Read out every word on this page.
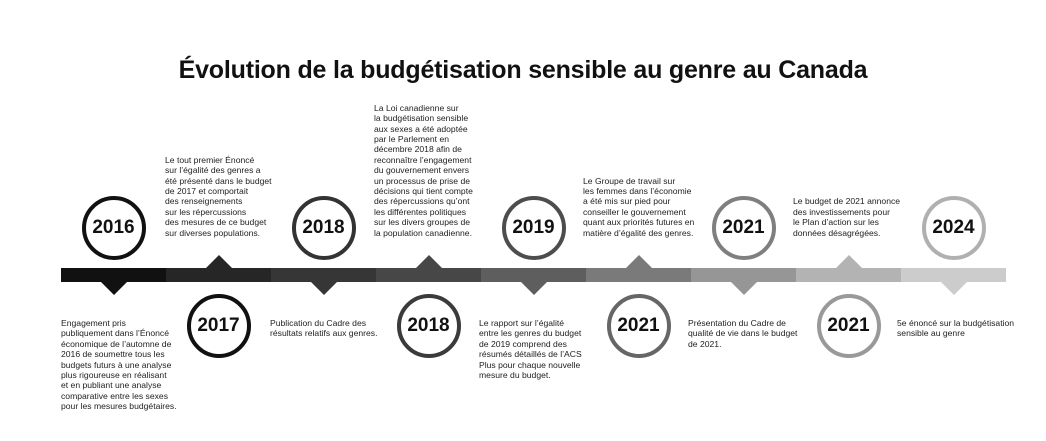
Évolution de la budgétisation sensible au genre au Canada
2016
Engagement pris
publiquement dans l’Énoncé
économique de l’automne de
2016 de soumettre tous les
budgets futurs à une analyse
plus rigoureuse en réalisant
et en publiant une analyse
comparative entre les sexes
pour les mesures budgétaires.
2017
Le tout premier Énoncé
sur l’égalité des genres a
été présenté dans le budget
de 2017 et comportait
des renseignements
sur les répercussions
des mesures de ce budget
sur diverses populations.	2018
Publication du Cadre des
résultats relatifs aux genres. 2018
La Loi canadienne sur
la budgétisation sensible
aux sexes a été adoptée
par le Parlement en
décembre 2018 afin de
reconnaître l’engagement
du gouvernement envers
un processus de prise de
décisions qui tient compte
des répercussions qu’ont
les différentes politiques
sur les divers groupes de
la population canadienne. 2019
Le rapport sur l’égalité
entre les genres du budget
de 2019 comprend des
résumés détaillés de l’ACS
Plus pour chaque nouvelle
mesure du budget.
2021
Le Groupe de travail sur
les femmes dans l’économie
a été mis sur pied pour
conseiller le gouvernement
quant aux priorités futures en
matière d’égalité des genres. 2021
Présentation du Cadre de
qualité de vie dans le budget
de 2021.
2021
Le budget de 2021 annonce
des investissements pour
le Plan d’action sur les
données désagrégées.	2024
5e énoncé sur la budgétisation
sensible au genre
